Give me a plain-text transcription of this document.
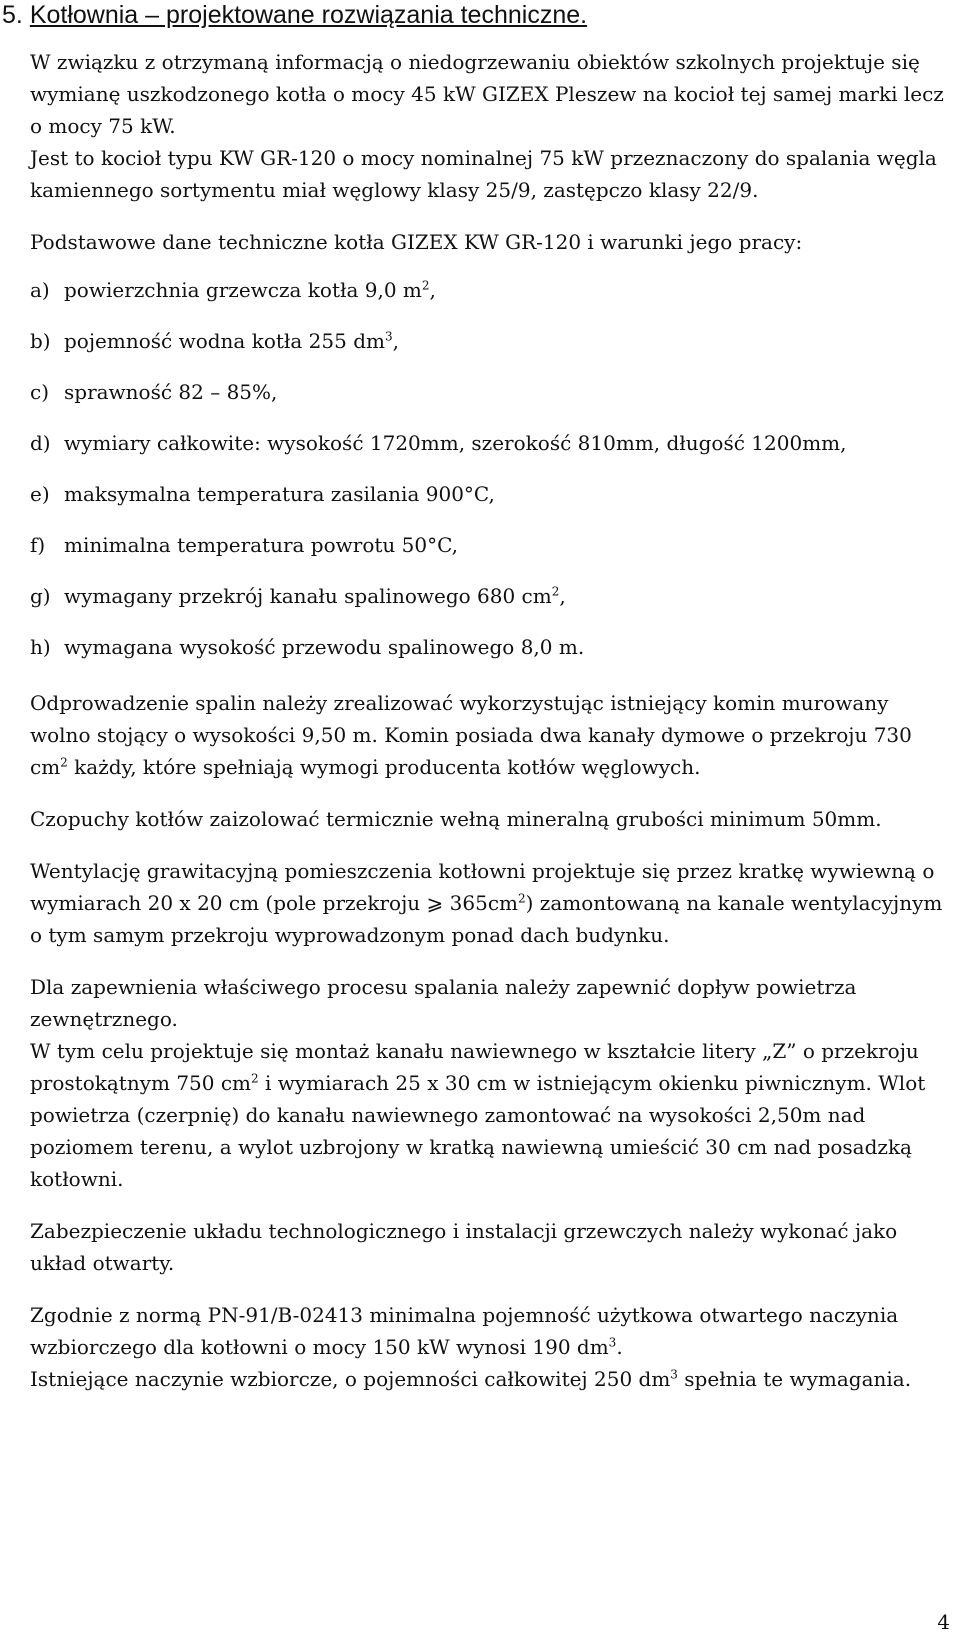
5. Kotłownia – projektowane rozwiązania techniczne.

W związku z otrzymaną informacją o niedogrzewaniu obiektów szkolnych projektuje się wymianę uszkodzonego kotła o mocy 45 kW GIZEX Pleszew na kocioł tej samej marki lecz o mocy 75 kW.

Jest to kocioł typu KW GR-120 o mocy nominalnej 75 kW przeznaczony do spalania węgla kamiennego sortymentu miał węglowy klasy 25/9, zastępczo klasy 22/9.

Podstawowe dane techniczne kotła GIZEX KW GR-120 i warunki jego pracy:

a) powierzchnia grzewcza kotła 9,0 $m^2$,
b) pojemność wodna kotła 255 $dm^3$,
c) sprawność 82 – 85%,
d) wymiary całkowite: wysokość 1720mm, szerokość 810mm, długość 1200mm,
e) maksymalna temperatura zasilania 900°C,
f) minimalna temperatura powrotu 50°C,
g) wymagany przekrój kanału spalinowego 680 $cm^2$,
h) wymagana wysokość przewodu spalinowego 8,0 m.

Odprowadzenie spalin należy zrealizować wykorzystując istniejący komin murowany wolno stojący o wysokości 9,50 m. Komin posiada dwa kanały dymowe o przekroju 730 $cm^2$ każdy, które spełniają wymogi producenta kotłów węglowych.

Czopuchy kotłów zaizolować termicznie wełną mineralną grubości minimum 50mm.

Wentylację grawitacyjną pomieszczenia kotłowni projektuje się przez kratkę wywiewną o wymiarach 20 x 20 cm (pole przekroju ⩾ $365cm^2$) zamontowaną na kanale wentylacyjnym o tym samym przekroju wyprowadzonym ponad dach budynku.

Dla zapewnienia właściwego procesu spalania należy zapewnić dopływ powietrza zewnętrznego.

W tym celu projektuje się montaż kanału nawiewnego w kształcie litery „Z” o przekroju prostokątnym 750 $cm^2$ i wymiarach 25 x 30 cm w istniejącym okienku piwnicznym. Wlot powietrza (czerpnię) do kanału nawiewnego zamontować na wysokości 2,50m nad poziomem terenu, a wylot uzbrojony w kratką nawiewną umieścić 30 cm nad posadzką kotłowni.

Zabezpieczenie układu technologicznego i instalacji grzewczych należy wykonać jako układ otwarty.

Zgodnie z normą PN-91/B-02413 minimalna pojemność użytkowa otwartego naczynia wzbiorczego dla kotłowni o mocy 150 kW wynosi 190 $dm^3$.

Istniejące naczynie wzbiorcze, o pojemności całkowitej 250 $dm^3$ spełnia te wymagania.

4
